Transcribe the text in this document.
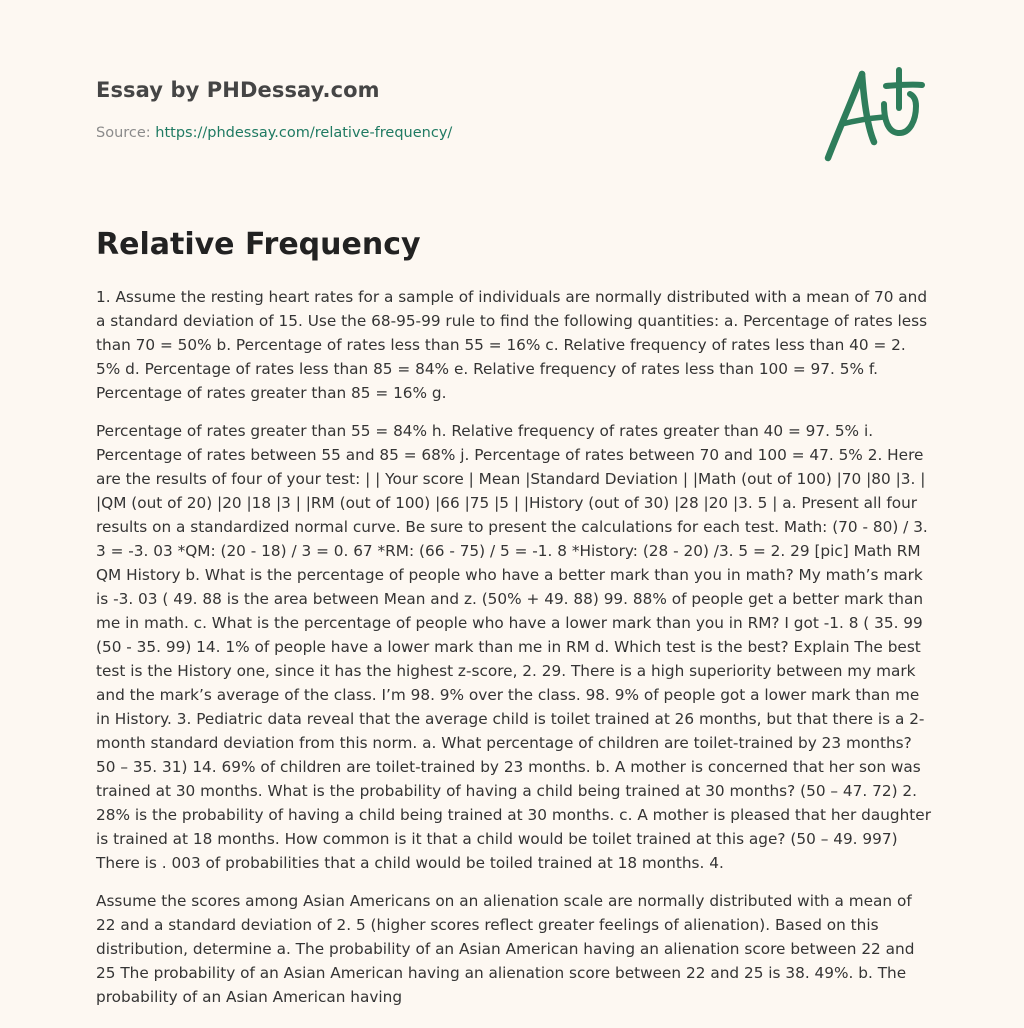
Essay by PHDessay.com
Source: https://phdessay.com/relative-frequency/
Relative Frequency

1. Assume the resting heart rates for a sample of individuals are normally distributed with a mean of 70 and a standard deviation of 15. Use the 68-95-99 rule to find the following quantities: a. Percentage of rates less than 70 = 50% b. Percentage of rates less than 55 = 16% c. Relative frequency of rates less than 40 = 2. 5% d. Percentage of rates less than 85 = 84% e. Relative frequency of rates less than 100 = 97. 5% f. Percentage of rates greater than 85 = 16% g.

Percentage of rates greater than 55 = 84% h. Relative frequency of rates greater than 40 = 97. 5% i. Percentage of rates between 55 and 85 = 68% j. Percentage of rates between 70 and 100 = 47. 5% 2. Here are the results of four of your test: | | Your score | Mean |Standard Deviation | |Math (out of 100) |70 |80 |3. | |QM (out of 20) |20 |18 |3 | |RM (out of 100) |66 |75 |5 | |History (out of 30) |28 |20 |3. 5 | a. Present all four results on a standardized normal curve. Be sure to present the calculations for each test. Math: (70 - 80) / 3. 3 = -3. 03 *QM: (20 - 18) / 3 = 0. 67 *RM: (66 - 75) / 5 = -1. 8 *History: (28 - 20) /3. 5 = 2. 29 [pic] Math RM QM History b. What is the percentage of people who have a better mark than you in math? My math’s mark is -3. 03 ( 49. 88 is the area between Mean and z. (50% + 49. 88) 99. 88% of people get a better mark than me in math. c. What is the percentage of people who have a lower mark than you in RM? I got -1. 8 ( 35. 99 (50 - 35. 99) 14. 1% of people have a lower mark than me in RM d. Which test is the best? Explain The best test is the History one, since it has the highest z-score, 2. 29. There is a high superiority between my mark and the mark’s average of the class. I’m 98. 9% over the class. 98. 9% of people got a lower mark than me in History. 3. Pediatric data reveal that the average child is toilet trained at 26 months, but that there is a 2-month standard deviation from this norm. a. What percentage of children are toilet-trained by 23 months? 50 – 35. 31) 14. 69% of children are toilet-trained by 23 months. b. A mother is concerned that her son was trained at 30 months. What is the probability of having a child being trained at 30 months? (50 – 47. 72) 2. 28% is the probability of having a child being trained at 30 months. c. A mother is pleased that her daughter is trained at 18 months. How common is it that a child would be toilet trained at this age? (50 – 49. 997) There is . 003 of probabilities that a child would be toiled trained at 18 months. 4.

Assume the scores among Asian Americans on an alienation scale are normally distributed with a mean of 22 and a standard deviation of 2. 5 (higher scores reflect greater feelings of alienation). Based on this distribution, determine a. The probability of an Asian American having an alienation score between 22 and 25 The probability of an Asian American having an alienation score between 22 and 25 is 38. 49%. b. The probability of an Asian American having
